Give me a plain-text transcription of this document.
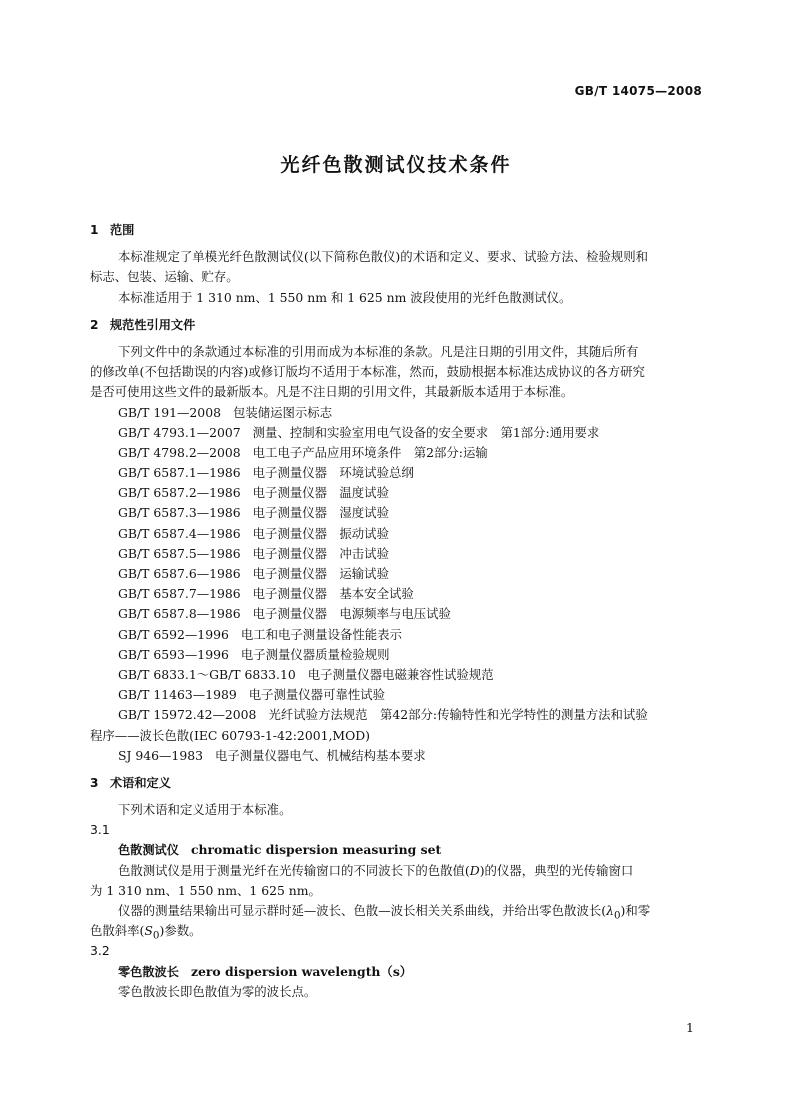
GB/T 14075—2008
光纤色散测试仪技术条件
1 范围
本标准规定了单模光纤色散测试仪(以下简称色散仪)的术语和定义、要求、试验方法、检验规则和
标志、包装、运输、贮存。
本标准适用于 1 310 nm、1 550 nm 和 1 625 nm 波段使用的光纤色散测试仪。
2 规范性引用文件
下列文件中的条款通过本标准的引用而成为本标准的条款。凡是注日期的引用文件，其随后所有
的修改单(不包括勘误的内容)或修订版均不适用于本标准，然而，鼓励根据本标准达成协议的各方研究
是否可使用这些文件的最新版本。凡是不注日期的引用文件，其最新版本适用于本标准。
GB/T 191—2008 包装储运图示标志
GB/T 4793.1—2007 测量、控制和实验室用电气设备的安全要求　第1部分:通用要求
GB/T 4798.2—2008 电工电子产品应用环境条件　第2部分:运输
GB/T 6587.1—1986 电子测量仪器　环境试验总纲
GB/T 6587.2—1986 电子测量仪器　温度试验
GB/T 6587.3—1986 电子测量仪器　湿度试验
GB/T 6587.4—1986 电子测量仪器　振动试验
GB/T 6587.5—1986 电子测量仪器　冲击试验
GB/T 6587.6—1986 电子测量仪器　运输试验
GB/T 6587.7—1986 电子测量仪器　基本安全试验
GB/T 6587.8—1986 电子测量仪器　电源频率与电压试验
GB/T 6592—1996 电工和电子测量设备性能表示
GB/T 6593—1996 电子测量仪器质量检验规则
GB/T 6833.1～GB/T 6833.10 电子测量仪器电磁兼容性试验规范
GB/T 11463—1989 电子测量仪器可靠性试验
GB/T 15972.42—2008 光纤试验方法规范　第42部分:传输特性和光学特性的测量方法和试验
程序——波长色散(IEC 60793-1-42:2001,MOD)
SJ 946—1983 电子测量仪器电气、机械结构基本要求
3 术语和定义
下列术语和定义适用于本标准。
3.1
色散测试仪 chromatic dispersion measuring set
色散测试仪是用于测量光纤在光传输窗口的不同波长下的色散值(D)的仪器，典型的光传输窗口
为 1 310 nm、1 550 nm、1 625 nm。
仪器的测量结果输出可显示群时延—波长、色散—波长相关关系曲线，并给出零色散波长$(\lambda_0)$和零
色散斜率$(S_0)$参数。
3.2
零色散波长 zero dispersion wavelength（s）
零色散波长即色散值为零的波长点。
1
